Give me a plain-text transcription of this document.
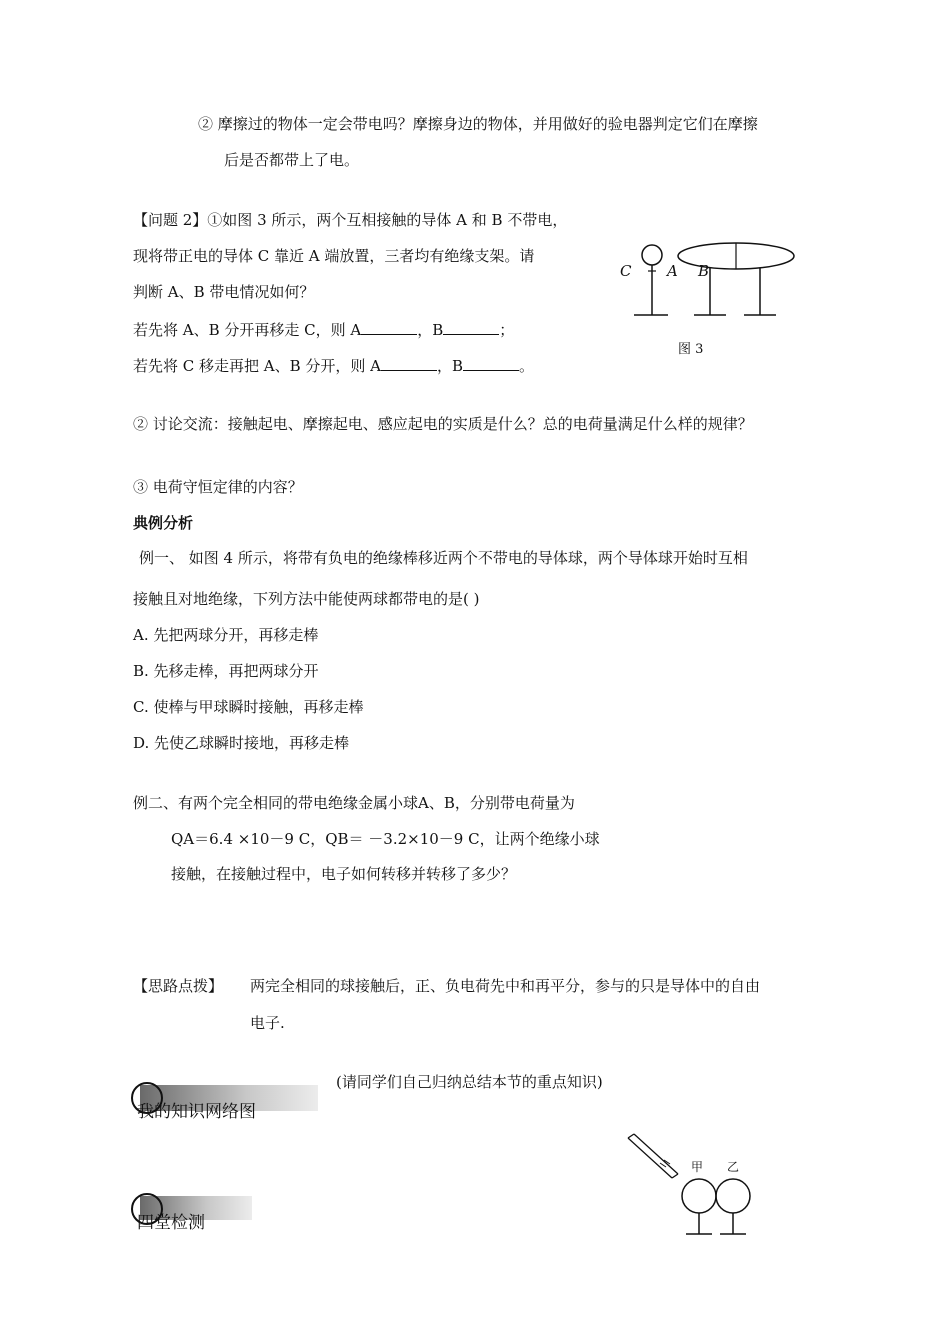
② 摩擦过的物体一定会带电吗？摩擦身边的物体，并用做好的验电器判定它们在摩擦
后是否都带上了电。
【问题 2】①如图 3 所示，两个互相接触的导体 A 和 B 不带电，
现将带正电的导体 C 靠近 A 端放置，三者均有绝缘支架。请
判断 A、B 带电情况如何？
若先将 A、B 分开再移走 C，则 A	，B	；
若先将 C 移走再把 A、B 分开，则 A	，B	。
C A B
图 3
② 讨论交流：接触起电、摩擦起电、感应起电的实质是什么？总的电荷量满足什么样的规律？
③ 电荷守恒定律的内容？
典例分析
例一、 如图 4 所示，将带有负电的绝缘棒移近两个不带电的导体球，两个导体球开始时互相
接触且对地绝缘，下列方法中能使两球都带电的是( )
A. 先把两球分开，再移走棒
B. 先移走棒，再把两球分开
C. 使棒与甲球瞬时接触，再移走棒
D. 先使乙球瞬时接地，再移走棒
例二、有两个完全相同的带电绝缘金属小球A、B，分别带电荷量为
QA＝6.4 ×10－9 C，QB＝ －3.2×10－9 C，让两个绝缘小球
接触，在接触过程中，电子如何转移并转移了多少？
【思路点拨】 两完全相同的球接触后，正、负电荷先中和再平分，参与的只是导体中的自由
电子.
(请同学们自己归纳总结本节的重点知识)
我的知识网络图
四堂检测
甲 乙
